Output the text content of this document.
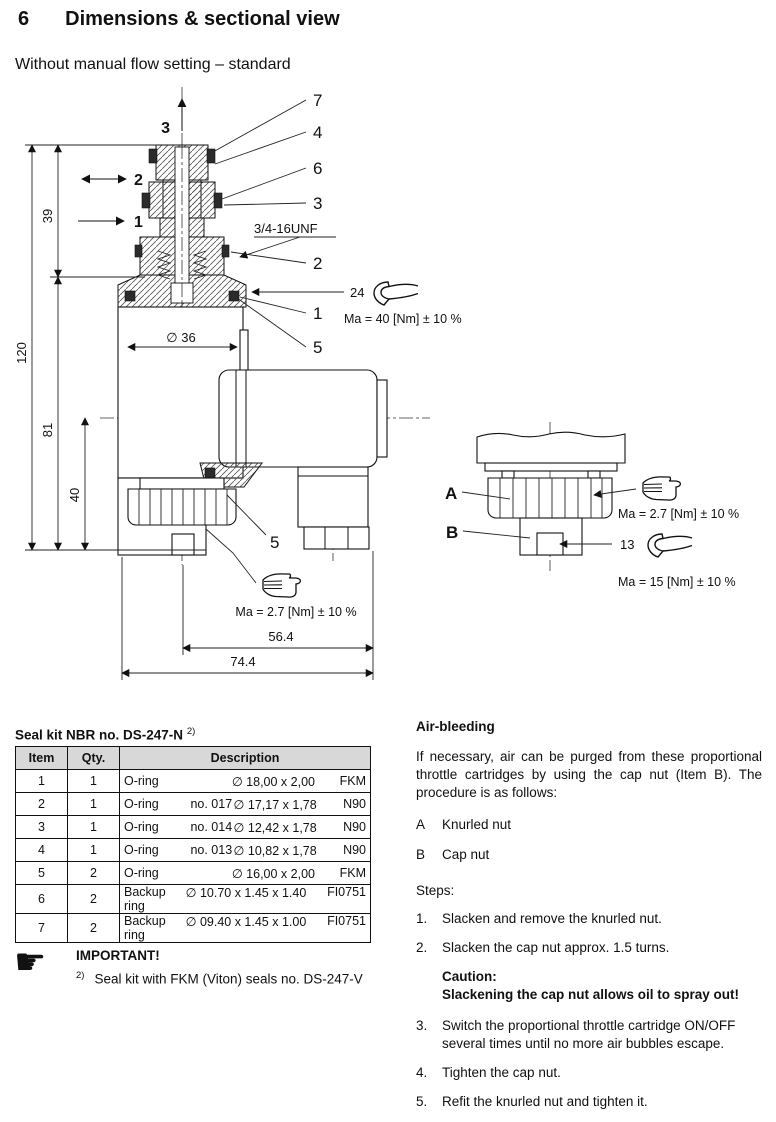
6 Dimensions & sectional view
Without manual flow setting – standard
3
39
120
81
40
∅ 36
56.4
74.4
2
1
7
4
6
3
3/4-16UNF
2
24
Ma = 40 [Nm] ± 10 %
1
5
5
Ma = 2.7 [Nm] ± 10 %
A
B
Ma = 2.7 [Nm] ± 10 %
13
Ma = 15 [Nm] ± 10 %
Seal kit NBR no. DS-247-N $^{2)}$
Item	Qty.	Description
1	1	O-ring ∅ 18,00 x 2,00 FKM

2	1	O-ring no. 017 ∅ 17,17 x 1,78 N90

3	1	O-ring no. 014 ∅ 12,42 x 1,78 N90

4	1	O-ring no. 013 ∅ 10,82 x 1,78 N90

5	2	O-ring ∅ 16,00 x 2,00 FKM

6	2	Backup ring
∅ 10.70 x 1.45 x 1.40 FI0751

7	2	Backup ring
∅ 09.40 x 1.45 x 1.00 FI0751
☛ IMPORTANT!
$^{2)}$ Seal kit with FKM (Viton) seals no. DS-247-V

Air-bleeding

If necessary, air can be purged from these proportional throttle cartridges by using the cap nut (Item B). The procedure is as follows:

A	Knurled nut
B	Cap nut

Steps:

1.	Slacken and remove the knurled nut.
2.	Slacken the cap nut approx. 1.5 turns.
Caution:
Slackening the cap nut allows oil to spray out!
3.	Switch the proportional throttle cartridge ON/OFF several times until no more air bubbles escape.
4.	Tighten the cap nut.
5.	Refit the knurled nut and tighten it.
